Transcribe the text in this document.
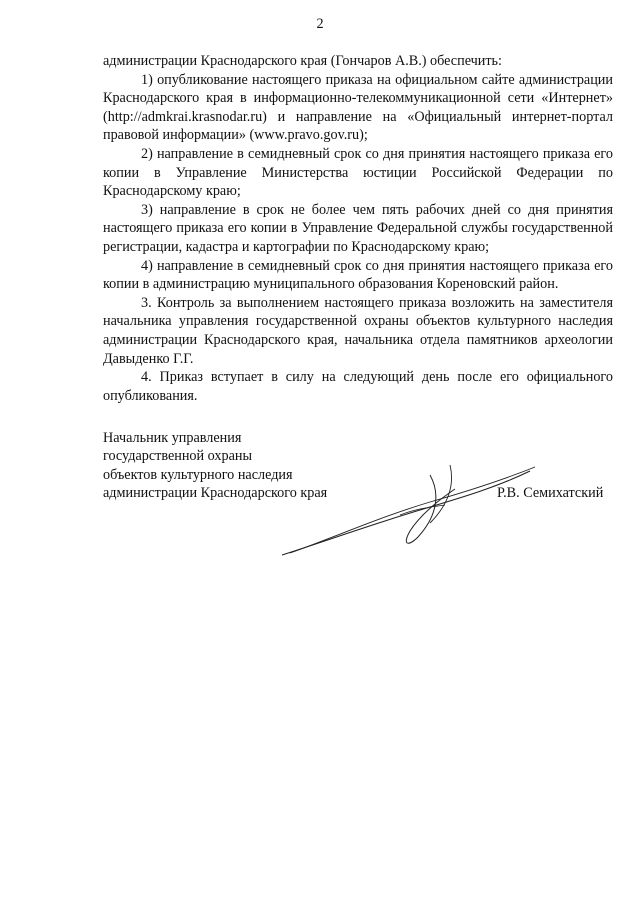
2

администрации Краснодарского края (Гончаров А.В.) обеспечить:

1) опубликование настоящего приказа на официальном сайте администрации Краснодарского края в информационно-телекоммуникационной сети «Интернет» (http://admkrai.krasnodar.ru) и направление на «Официальный интернет-портал правовой информации» (www.pravo.gov.ru);

2) направление в семидневный срок со дня принятия настоящего приказа его копии в Управление Министерства юстиции Российской Федерации по Краснодарскому краю;

3) направление в срок не более чем пять рабочих дней со дня принятия настоящего приказа его копии в Управление Федеральной службы государственной регистрации, кадастра и картографии по Краснодарскому краю;

4) направление в семидневный срок со дня принятия настоящего приказа его копии в администрацию муниципального образования Кореновский район.

3. Контроль за выполнением настоящего приказа возложить на заместителя начальника управления государственной охраны объектов культурного наследия администрации Краснодарского края, начальника отдела памятников археологии Давыденко Г.Г.

4. Приказ вступает в силу на следующий день после его официального опубликования.

Начальник управления
государственной охраны
объектов культурного наследия
администрации Краснодарского края	Р.В. Семихатский
